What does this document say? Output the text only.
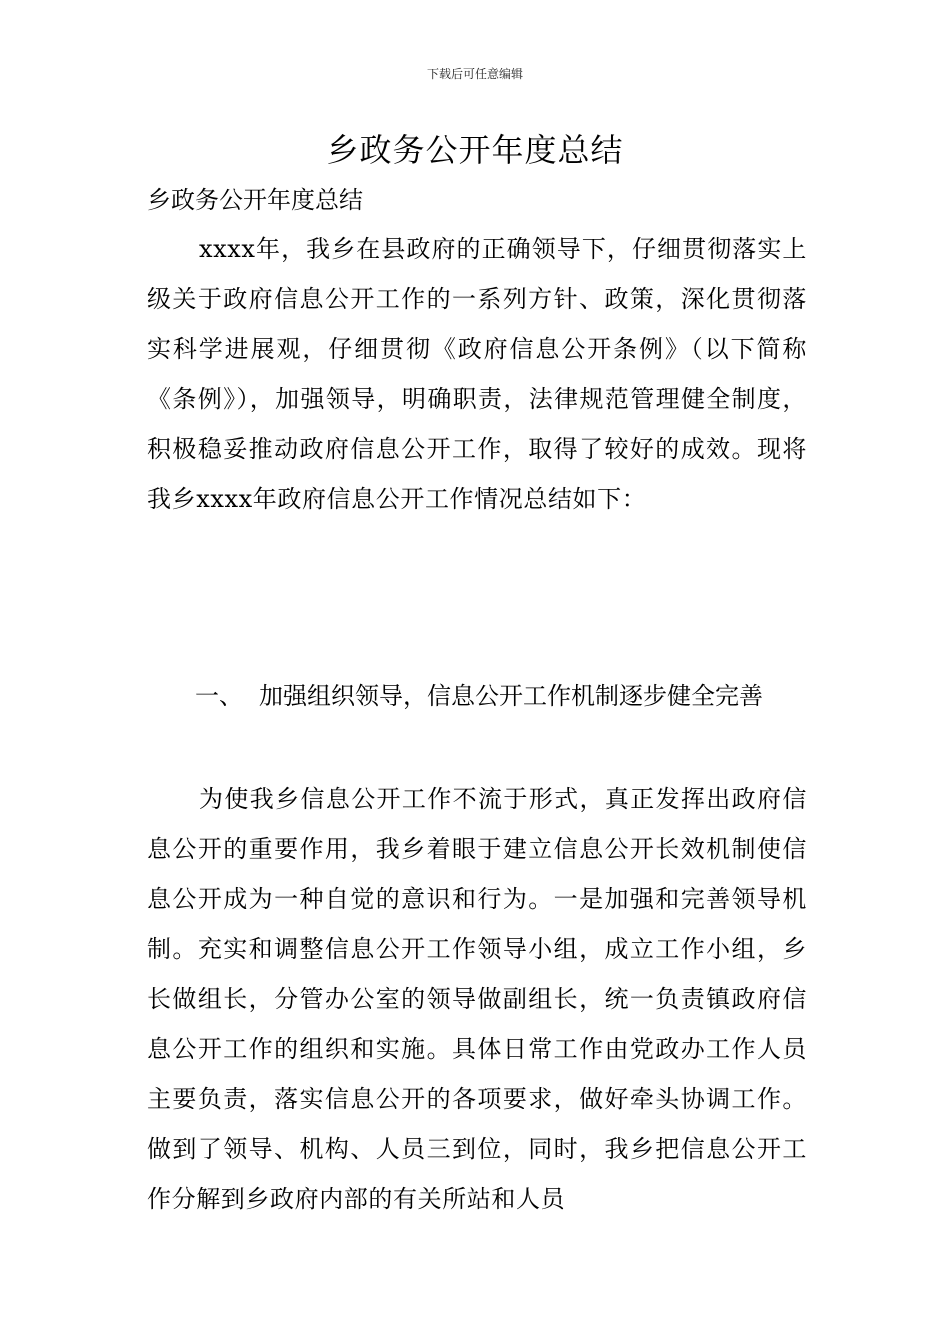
下载后可任意编辑
乡政务公开年度总结
乡政务公开年度总结

xxxx年，我乡在县政府的正确领导下，仔细贯彻落实上级关于政府信息公开工作的一系列方针、政策，深化贯彻落实科学进展观，仔细贯彻《政府信息公开条例》（以下简称《条例》），加强领导，明确职责，法律规范管理健全制度，积极稳妥推动政府信息公开工作，取得了较好的成效。现将我乡xxxx年政府信息公开工作情况总结如下：

一、 加强组织领导，信息公开工作机制逐步健全完善

为使我乡信息公开工作不流于形式，真正发挥出政府信息公开的重要作用，我乡着眼于建立信息公开长效机制使信息公开成为一种自觉的意识和行为。一是加强和完善领导机制。充实和调整信息公开工作领导小组，成立工作小组，乡长做组长，分管办公室的领导做副组长，统一负责镇政府信息公开工作的组织和实施。具体日常工作由党政办工作人员主要负责，落实信息公开的各项要求，做好牵头协调工作。做到了领导、机构、人员三到位，同时，我乡把信息公开工作分解到乡政府内部的有关所站和人员
